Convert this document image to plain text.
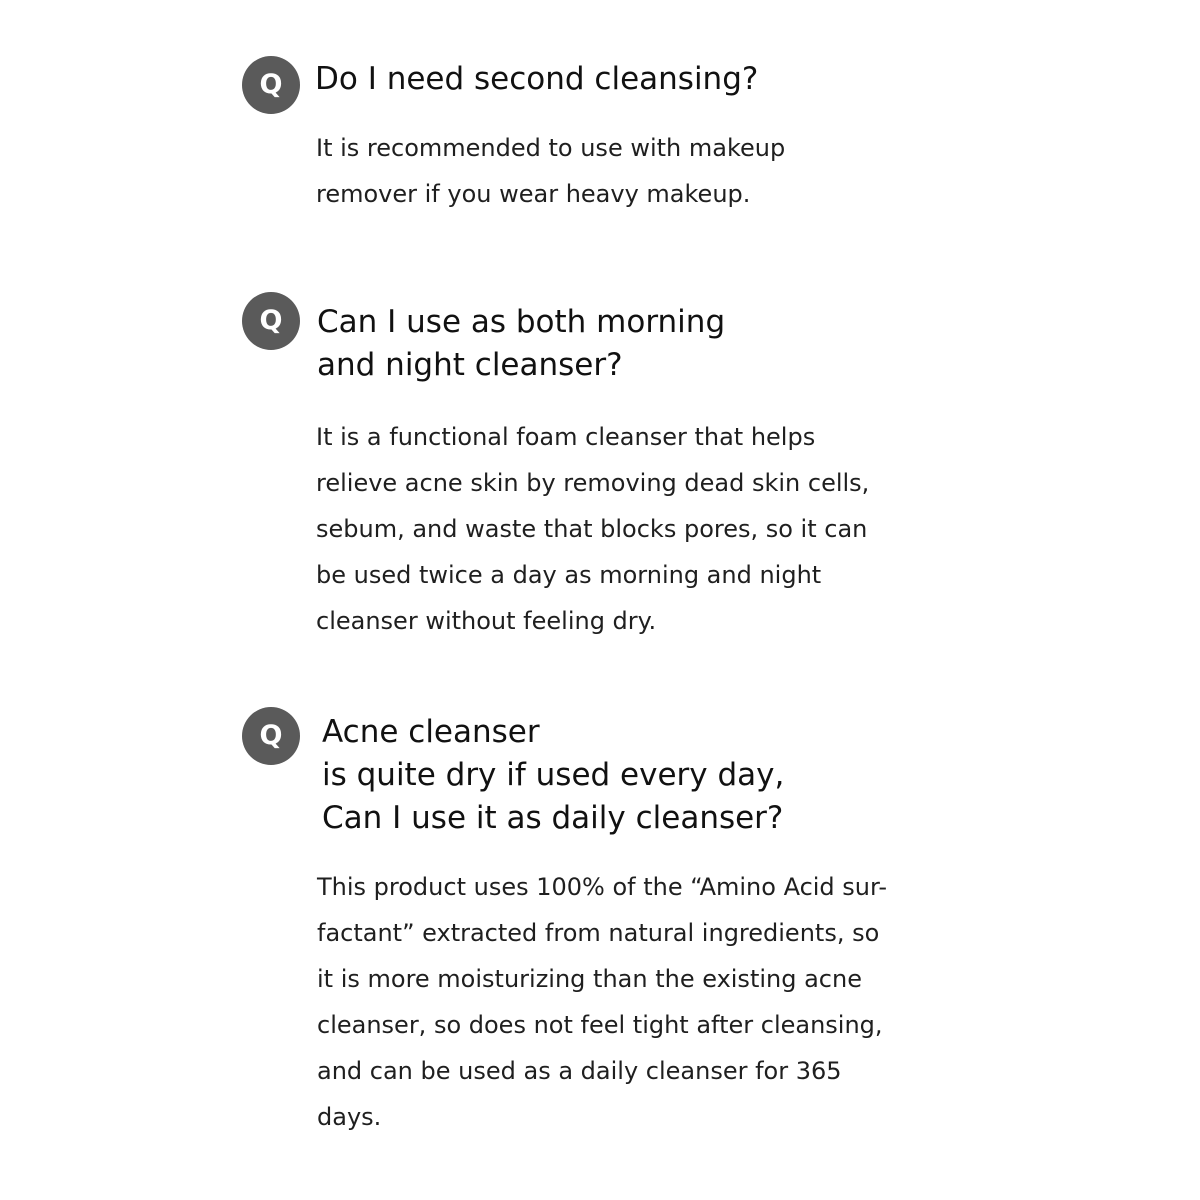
Q	Do I need second cleansing?

It is recommended to use with makeup
remover if you wear heavy makeup.

Q	Can I use as both morning
and night cleanser?

It is a functional foam cleanser that helps
relieve acne skin by removing dead skin cells,
sebum, and waste that blocks pores, so it can
be used twice a day as morning and night
cleanser without feeling dry.

Q	Acne cleanser
is quite dry if used every day,
Can I use it as daily cleanser?

This product uses 100% of the “Amino Acid sur-
factant” extracted from natural ingredients, so
it is more moisturizing than the existing acne
cleanser, so does not feel tight after cleansing,
and can be used as a daily cleanser for 365
days.
